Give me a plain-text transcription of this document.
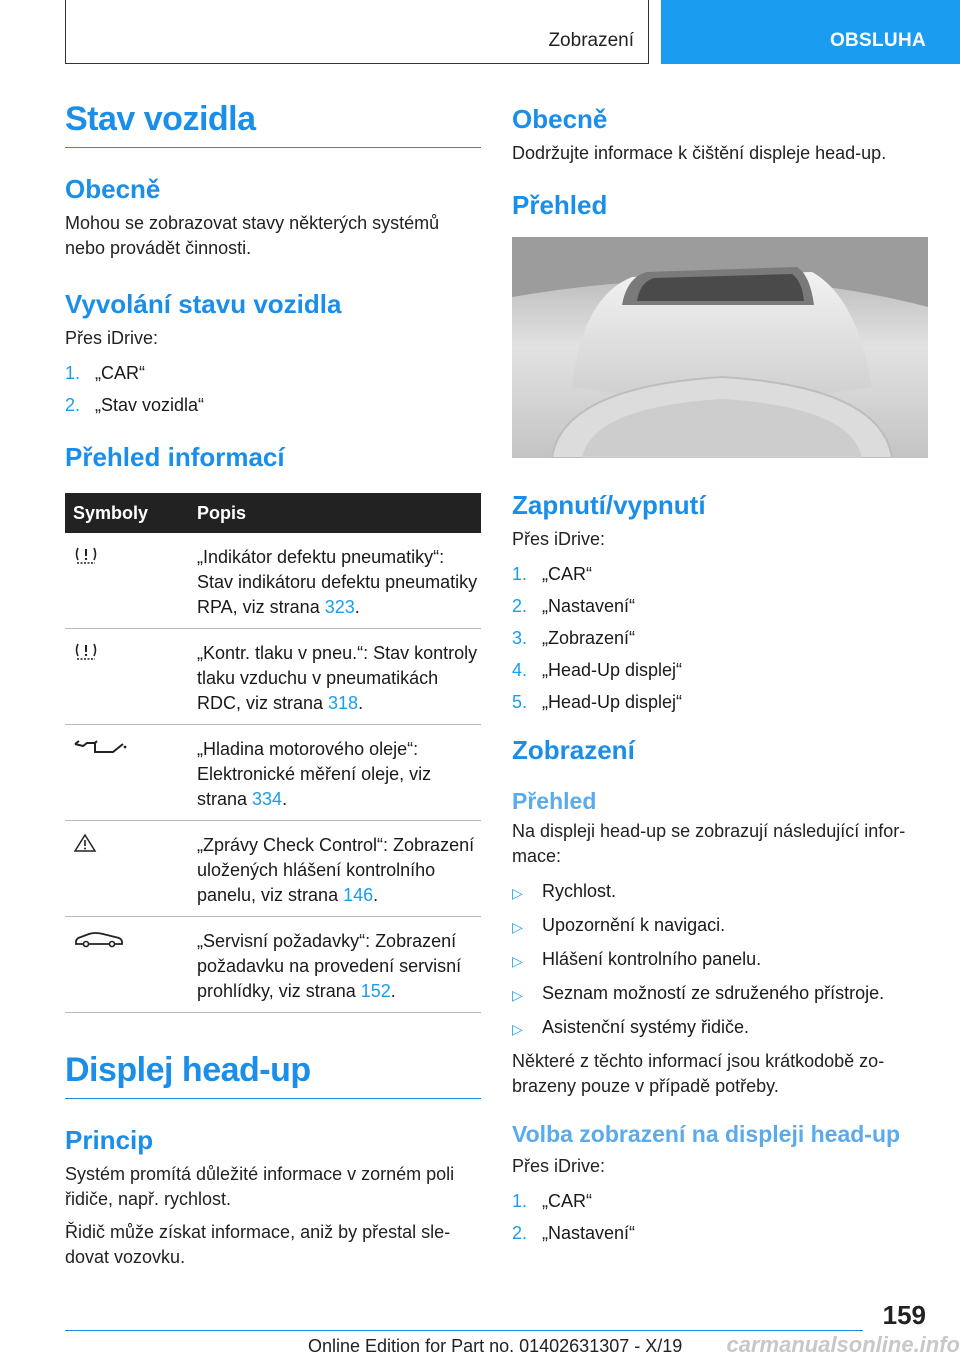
Zobrazení	OBSLUHA
Stav vozidla
Obecně

Mohou se zobrazovat stavy některých systémů nebo provádět činnosti.

Vyvolání stavu vozidla

Přes iDrive:

1. „CAR“
2. „Stav vozidla“
Přehled informací
Symboly	Popis
	„Indikátor defektu pneumatiky“: Stav indikátoru defektu pneumatiky RPA, viz strana 323.
	„Kontr. tlaku v pneu.“: Stav kontroly tlaku vzduchu v pneumatikách RDC, viz strana 318.
	„Hladina motorového oleje“: Elektronické měření oleje, viz strana 334.
	„Zprávy Check Control“: Zobrazení uložených hlášení kontrolního panelu, viz strana 146.
	„Servisní požadavky“: Zobrazení požadavku na provedení servisní prohlídky, viz strana 152.
Displej head-up
Princip

Systém promítá důležité informace v zorném poli řidiče, např. rychlost.

Řidič může získat informace, aniž by přestal sledovat vozovku.

Obecně

Dodržujte informace k čištění displeje head-up.

Přehled
Zapnutí/vypnutí

Přes iDrive:

1. „CAR“
2. „Nastavení“
3. „Zobrazení“
4. „Head-Up displej“
5. „Head-Up displej“
Zobrazení
Přehled

Na displeji head-up se zobrazují následující informace:

▷	Rychlost.
▷	Upozornění k navigaci.
▷	Hlášení kontrolního panelu.
▷	Seznam možností ze sdruženého přístroje.
▷	Asistenční systémy řidiče.

Některé z těchto informací jsou krátkodobě zobrazeny pouze v případě potřeby.

Volba zobrazení na displeji head-up

Přes iDrive:

1. „CAR“
2. „Nastavení“
159
Online Edition for Part no. 01402631307 - X/19 carmanualsonline.info
